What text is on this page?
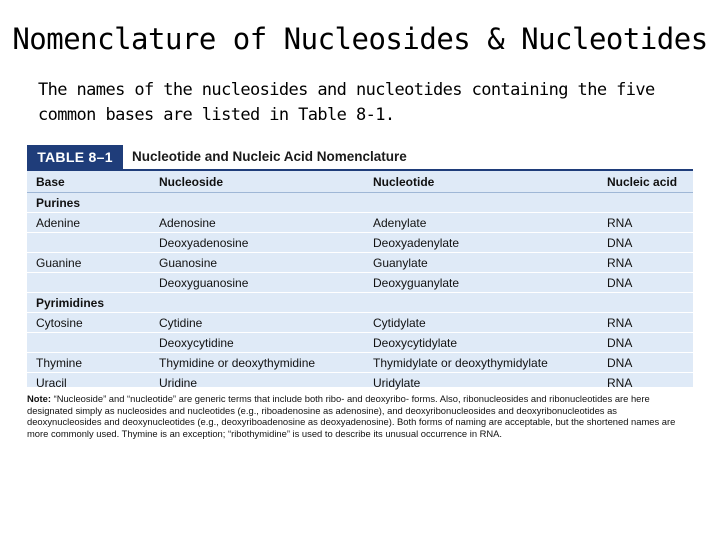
Nomenclature of Nucleosides & Nucleotides
The names of the nucleosides and nucleotides containing the five common bases are listed in Table 8-1.
TABLE 8–1	Nucleotide and Nucleic Acid Nomenclature
Base	Nucleoside	Nucleotide	Nucleic acid
Purines			
Adenine	Adenosine	Adenylate	RNA
	Deoxyadenosine	Deoxyadenylate	DNA
Guanine	Guanosine	Guanylate	RNA
	Deoxyguanosine	Deoxyguanylate	DNA
Pyrimidines			
Cytosine	Cytidine	Cytidylate	RNA
	Deoxycytidine	Deoxycytidylate	DNA
Thymine	Thymidine or deoxythymidine	Thymidylate or deoxythymidylate	DNA
Uracil	Uridine	Uridylate	RNA
Note: “Nucleoside” and “nucleotide” are generic terms that include both ribo- and deoxyribo- forms. Also, ribonucleosides and ribonucleotides are here designated simply as nucleosides and nucleotides (e.g., riboadenosine as adenosine), and deoxyribonucleosides and deoxyribonucleotides as deoxynucleosides and deoxynucleotides (e.g., deoxyriboadenosine as deoxyadenosine). Both forms of naming are acceptable, but the shortened names are more commonly used. Thymine is an exception; “ribothymidine” is used to describe its unusual occurrence in RNA.
